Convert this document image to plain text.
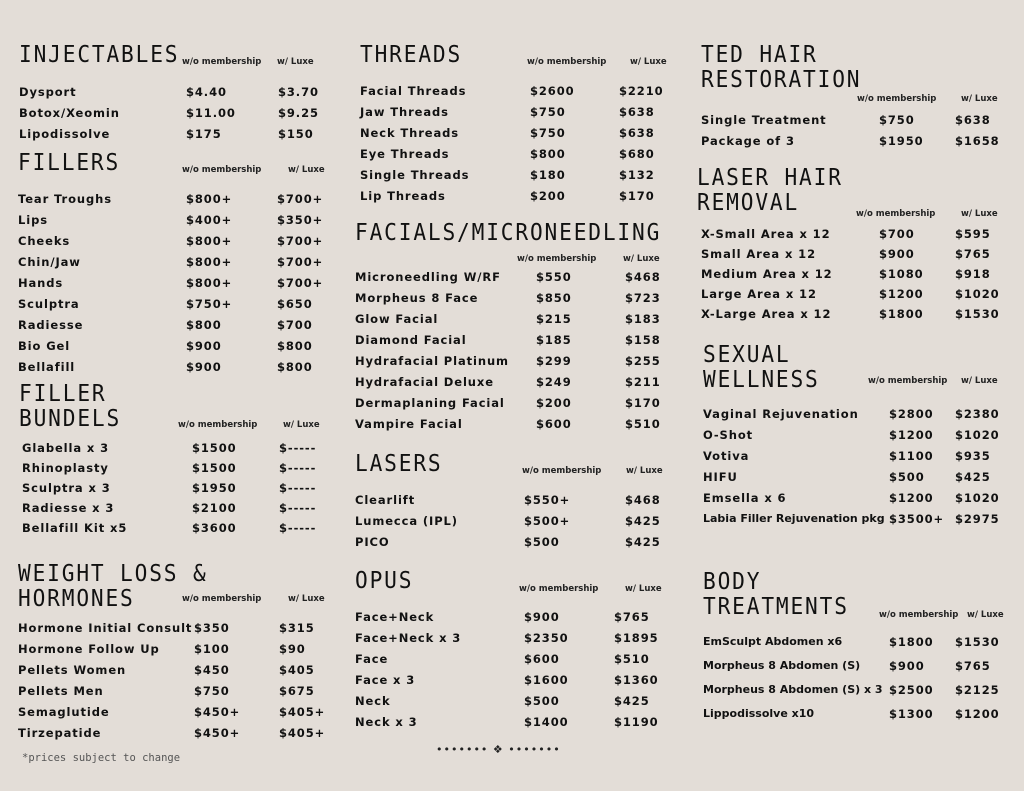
INJECTABLES w/o membership w/ Luxe
Dysport	$4.40	$3.70
Botox/Xeomin	$11.00	$9.25
Lipodissolve	$175	$150
FILLERS	w/o membership	w/ Luxe
Tear Troughs	$800+	$700+
Lips	$400+	$350+
Cheeks	$800+	$700+
Chin/Jaw	$800+	$700+
Hands	$800+	$700+
Sculptra	$750+	$650
Radiesse	$800	$700
Bio Gel	$900	$800
Bellafill	$900	$800
FILLER
BUNDELS	w/o membership	w/ Luxe
Glabella x 3	$1500	$-----
Rhinoplasty	$1500	$-----
Sculptra x 3	$1950	$-----
Radiesse x 3	$2100	$-----
Bellafill Kit x5	$3600	$-----
WEIGHT LOSS &
HORMONES	w/o membership	w/ Luxe
Hormone Initial Consult $350	$315
Hormone Follow Up	$100	$90
Pellets Women	$450	$405
Pellets Men	$750	$675
Semaglutide	$450+	$405+
Tirzepatide	$450+	$405+
THREADS	w/o membership	w/ Luxe
Facial Threads	$2600	$2210
Jaw Threads	$750	$638
Neck Threads	$750	$638
Eye Threads	$800	$680
Single Threads	$180	$132
Lip Threads	$200	$170
FACIALS/MICRONEEDLING
w/o membership	w/ Luxe
Microneedling W/RF	$550	$468
Morpheus 8 Face	$850	$723
Glow Facial	$215	$183
Diamond Facial	$185	$158
Hydrafacial Platinum $299	$255
Hydrafacial Deluxe	$249	$211
Dermaplaning Facial	$200	$170
Vampire Facial	$600	$510
LASERS	w/o membership	w/ Luxe
Clearlift	$550+	$468
Lumecca (IPL)	$500+	$425
PICO	$500	$425
OPUS	w/o membership	w/ Luxe
Face+Neck	$900	$765
Face+Neck x 3	$2350	$1895
Face	$600	$510
Face x 3	$1600	$1360
Neck	$500	$425
Neck x 3	$1400	$1190
TED HAIR
RESTORATION
w/o membership	w/ Luxe
Single Treatment	$750	$638
Package of 3	$1950	$1658
LASER HAIR
REMOVAL	w/o membership	w/ Luxe
X-Small Area x 12	$700	$595
Small Area x 12	$900	$765
Medium Area x 12	$1080	$918
Large Area x 12	$1200	$1020
X-Large Area x 12	$1800	$1530
SEXUAL
WELLNESS	w/o membership w/ Luxe
Vaginal Rejuvenation	$2800 $2380
O-Shot	$1200 $1020
Votiva	$1100 $935
HIFU	$500	$425
Emsella x 6	$1200 $1020
Labia Filler Rejuvenation pkg $3500+ $2975
BODY
TREATMENTS	w/o membership w/ Luxe
EmSculpt Abdomen x6	$1800 $1530
Morpheus 8 Abdomen (S)	$900	$765
Morpheus 8 Abdomen (S) x 3 $2500 $2125
Lippodissolve x10	$1300 $1200
*prices subject to change
••••••• ❖ •••••••
